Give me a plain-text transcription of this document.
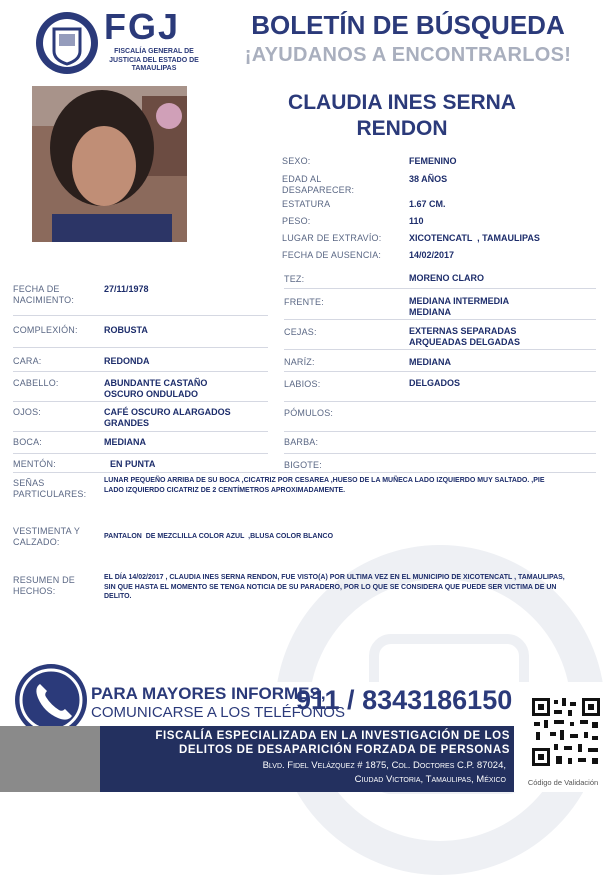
FGJ
FISCALÍA GENERAL DE JUSTICIA DEL ESTADO DE TAMAULIPAS
BOLETÍN DE BÚSQUEDA
¡AYUDANOS A ENCONTRARLOS!
CLAUDIA INES SERNA RENDON
SEXO:	FEMENINO
EDAD AL DESAPARECER:
38 AÑOS
ESTATURA	1.67 CM.
PESO:	110
LUGAR DE EXTRAVÍO:	XICOTENCATL  , TAMAULIPAS
FECHA DE AUSENCIA:	14/02/2017
FECHA DE NACIMIENTO:
27/11/1978
COMPLEXIÓN:	ROBUSTA
CARA:	REDONDA
CABELLO:	ABUNDANTE CASTAÑO OSCURO ONDULADO
OJOS:	CAFÉ OSCURO ALARGADOS GRANDES
BOCA:	MEDIANA
MENTÓN:	EN PUNTA
TEZ:	MORENO CLARO
FRENTE:	MEDIANA INTERMEDIA MEDIANA
CEJAS:	EXTERNAS SEPARADAS ARQUEADAS DELGADAS
NARÍZ:	MEDIANA
LABIOS:	DELGADOS
PÓMULOS:
BARBA:
BIGOTE:
SEÑAS PARTICULARES:
LUNAR PEQUEÑO ARRIBA DE SU BOCA ,CICATRIZ POR CESAREA ,HUESO DE LA MUÑECA LADO IZQUIERDO MUY SALTADO. ,PIE LADO IZQUIERDO CICATRIZ DE 2 CENTÍMETROS APROXIMADAMENTE.
VESTIMENTA Y CALZADO:
PANTALON  DE MEZCLILLA COLOR AZUL  ,BLUSA COLOR BLANCO
RESUMEN DE HECHOS:
EL DÍA 14/02/2017 , CLAUDIA INES SERNA RENDON, FUE VISTO(A) POR ULTIMA VEZ EN EL MUNICIPIO DE XICOTENCATL , TAMAULIPAS, SIN QUE HASTA EL MOMENTO SE TENGA NOTICIA DE SU PARADERO, POR LO QUE SE CONSIDERA QUE PUEDE SER VICTIMA DE UN DELITO.
PARA MAYORES INFORMES,
COMUNICARSE A LOS TELÉFONOS
911 / 8343186150
FISCALÍA ESPECIALIZADA EN LA INVESTIGACIÓN DE LOS
DELITOS DE DESAPARICIÓN FORZADA DE PERSONAS
Blvd. Fidel Velázquez # 1875, Col. Doctores C.P. 87024,
Ciudad Victoria, Tamaulipas, México	Código de Validación
